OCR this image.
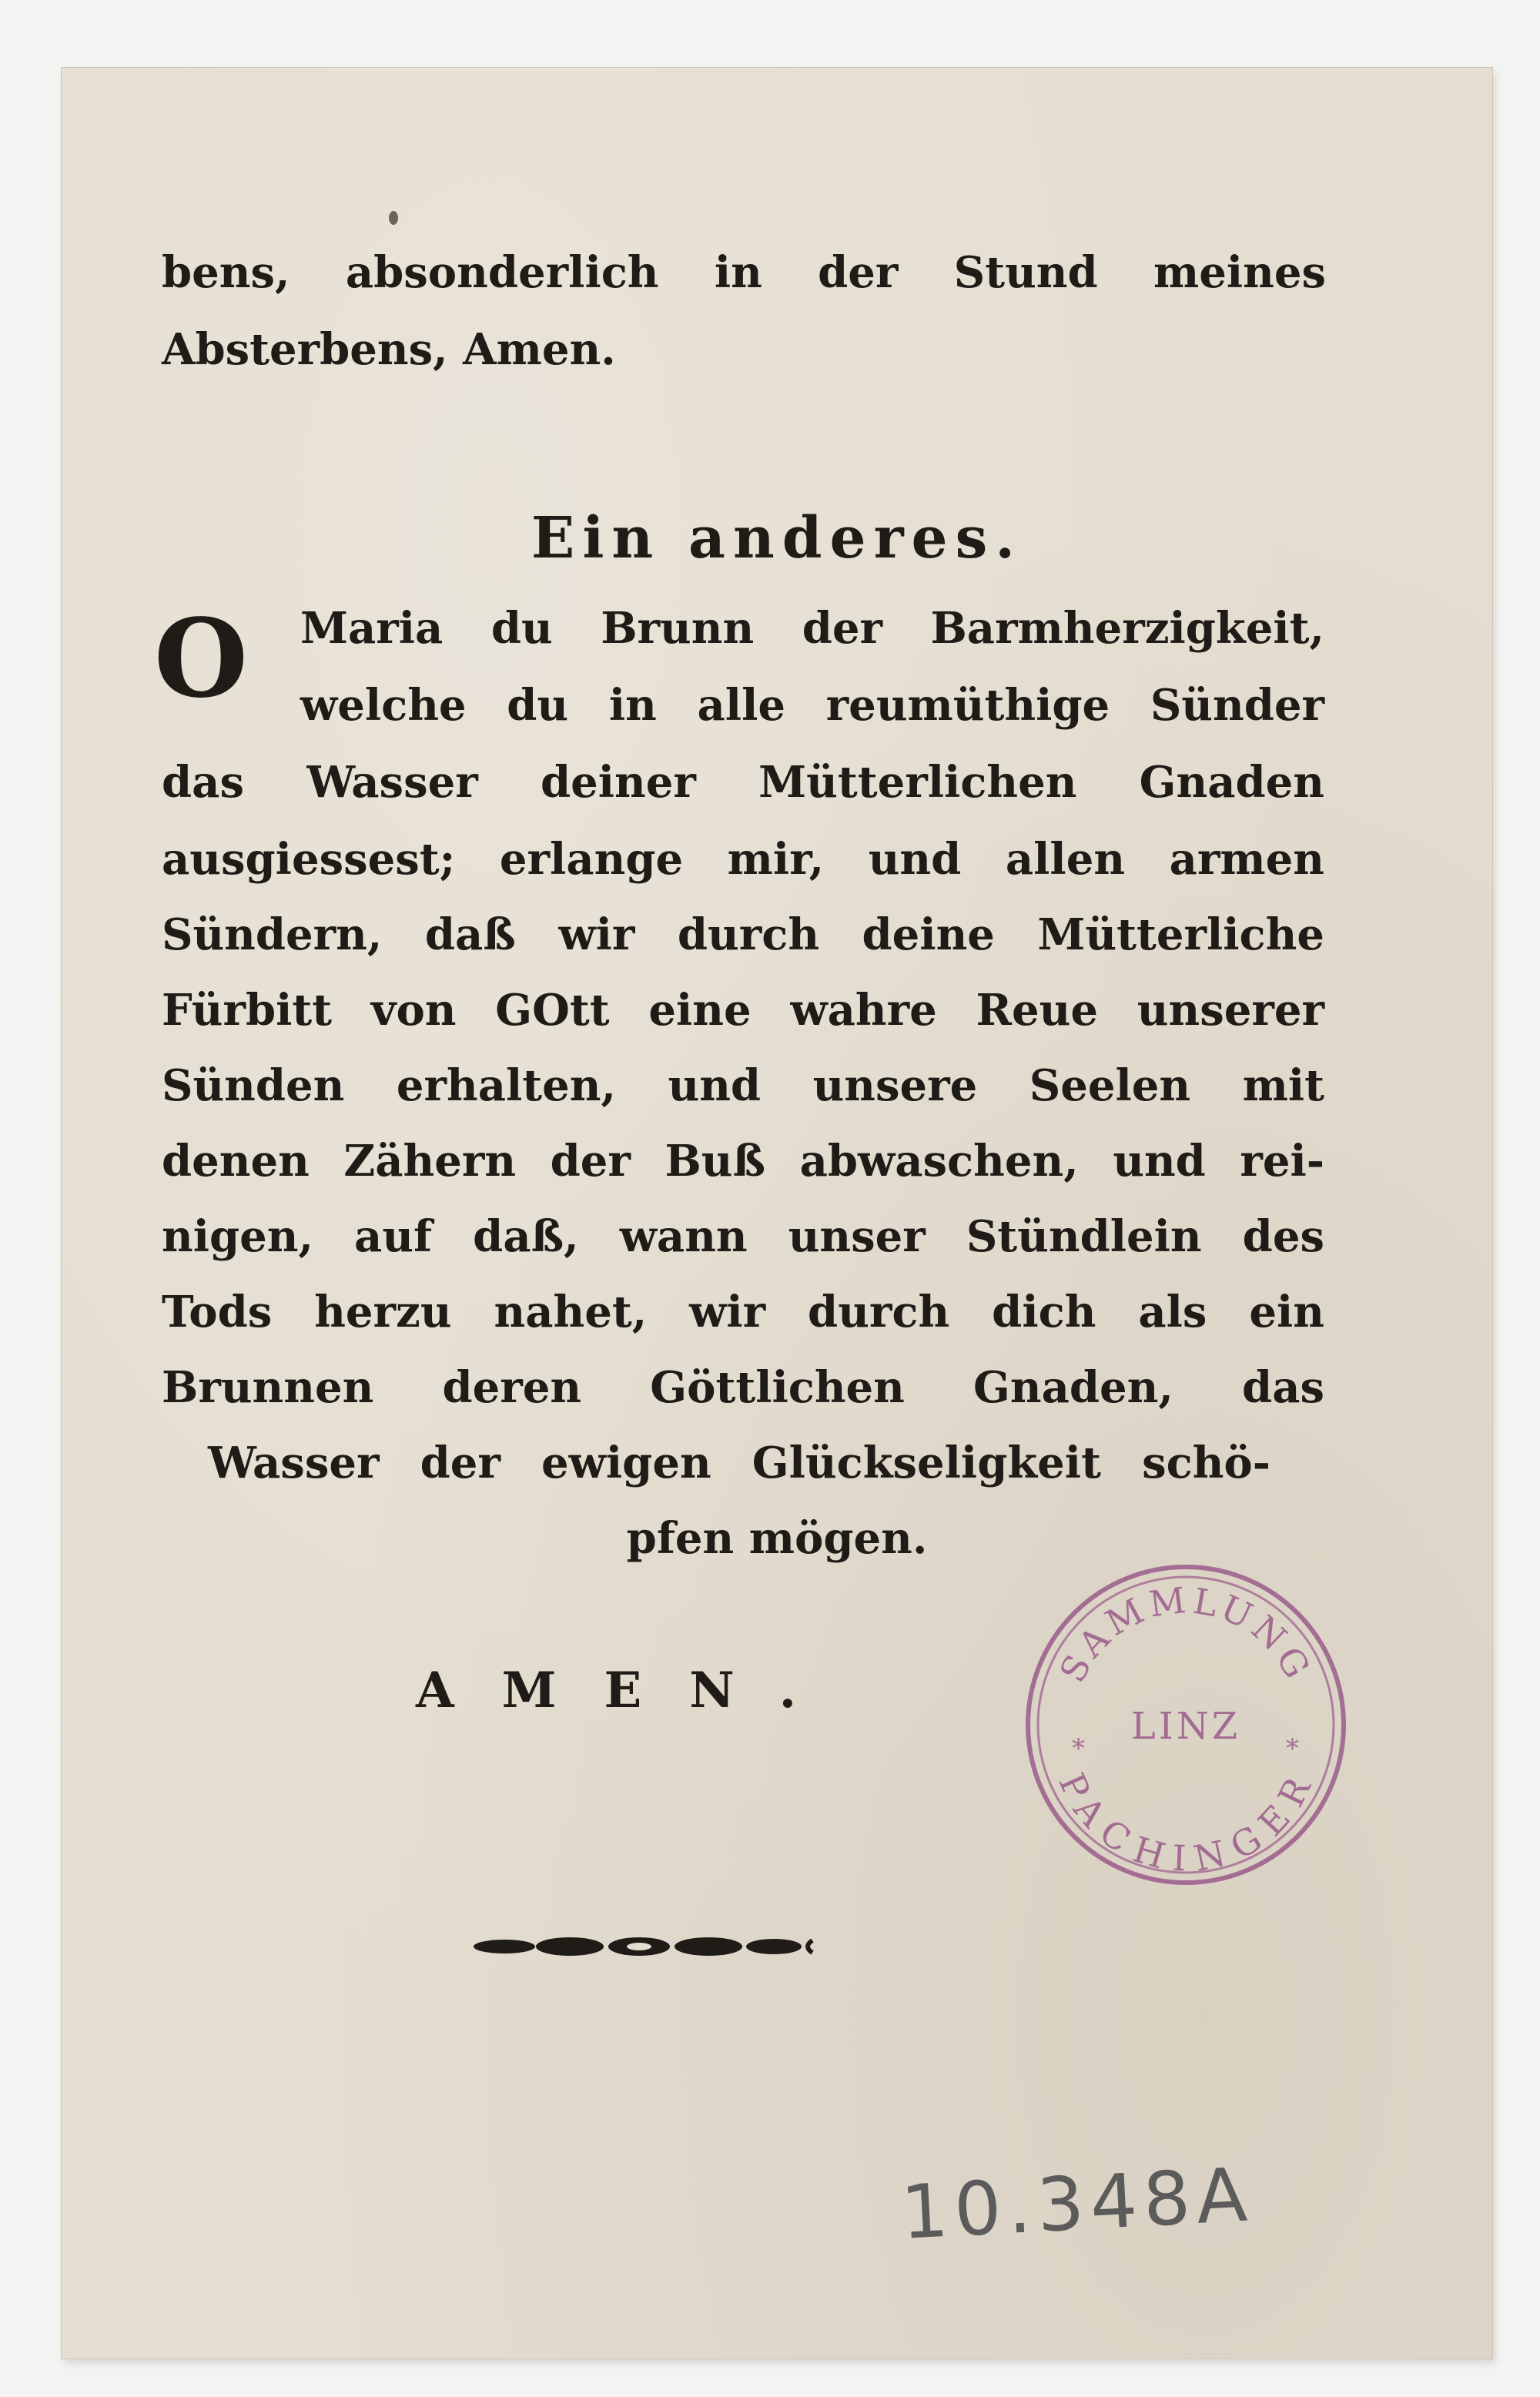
bens, absonderlich in der Stund meines

Absterbens, Amen.

Ein anderes.
O Maria du Brunn der Barmherzigkeit,

welche du in alle reumüthige Sünder

das Wasser deiner Mütterlichen Gnaden

ausgiessest; erlange mir, und allen armen

Sündern, daß wir durch deine Mütterliche

Fürbitt von GOtt eine wahre Reue unserer

Sünden erhalten, und unsere Seelen mit

denen Zähern der Buß abwaschen, und rei-

nigen, auf daß, wann unser Stündlein des

Tods herzu nahet, wir durch dich als ein

Brunnen deren Göttlichen Gnaden, das

Wasser der ewigen Glückseligkeit schö-

pfen mögen.

AMEN.	SAMMLUNG
PACHINGER
LINZ
*	*
10.348A
